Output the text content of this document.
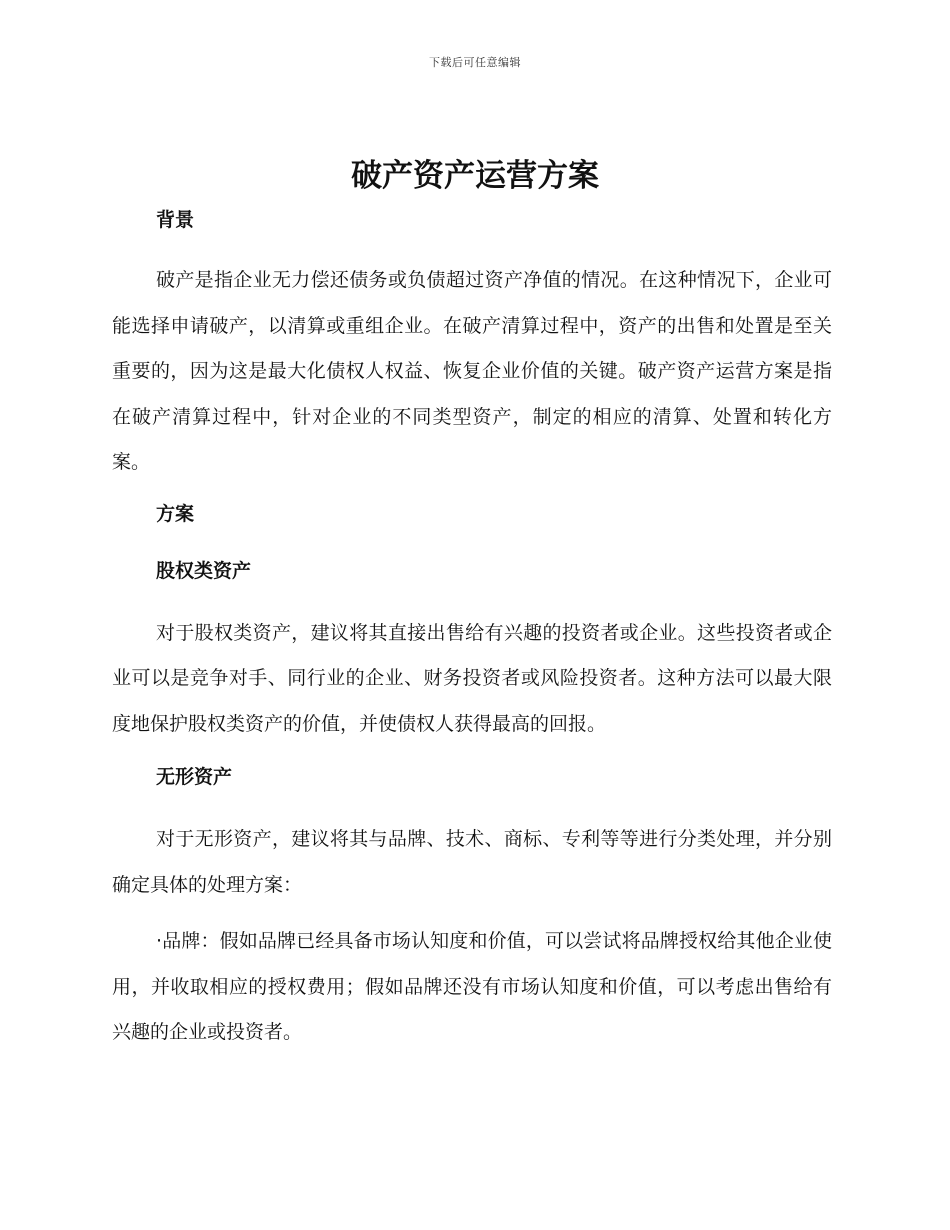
下载后可任意编辑
破产资产运营方案

背景

破产是指企业无力偿还债务或负债超过资产净值的情况。在这种情况下，企业可能选择申请破产，以清算或重组企业。在破产清算过程中，资产的出售和处置是至关重要的，因为这是最大化债权人权益、恢复企业价值的关键。破产资产运营方案是指在破产清算过程中，针对企业的不同类型资产，制定的相应的清算、处置和转化方案。

方案

股权类资产

对于股权类资产，建议将其直接出售给有兴趣的投资者或企业。这些投资者或企业可以是竞争对手、同行业的企业、财务投资者或风险投资者。这种方法可以最大限度地保护股权类资产的价值，并使债权人获得最高的回报。

无形资产

对于无形资产，建议将其与品牌、技术、商标、专利等等进行分类处理，并分别确定具体的处理方案：

·品牌：假如品牌已经具备市场认知度和价值，可以尝试将品牌授权给其他企业使用，并收取相应的授权费用；假如品牌还没有市场认知度和价值，可以考虑出售给有兴趣的企业或投资者。
